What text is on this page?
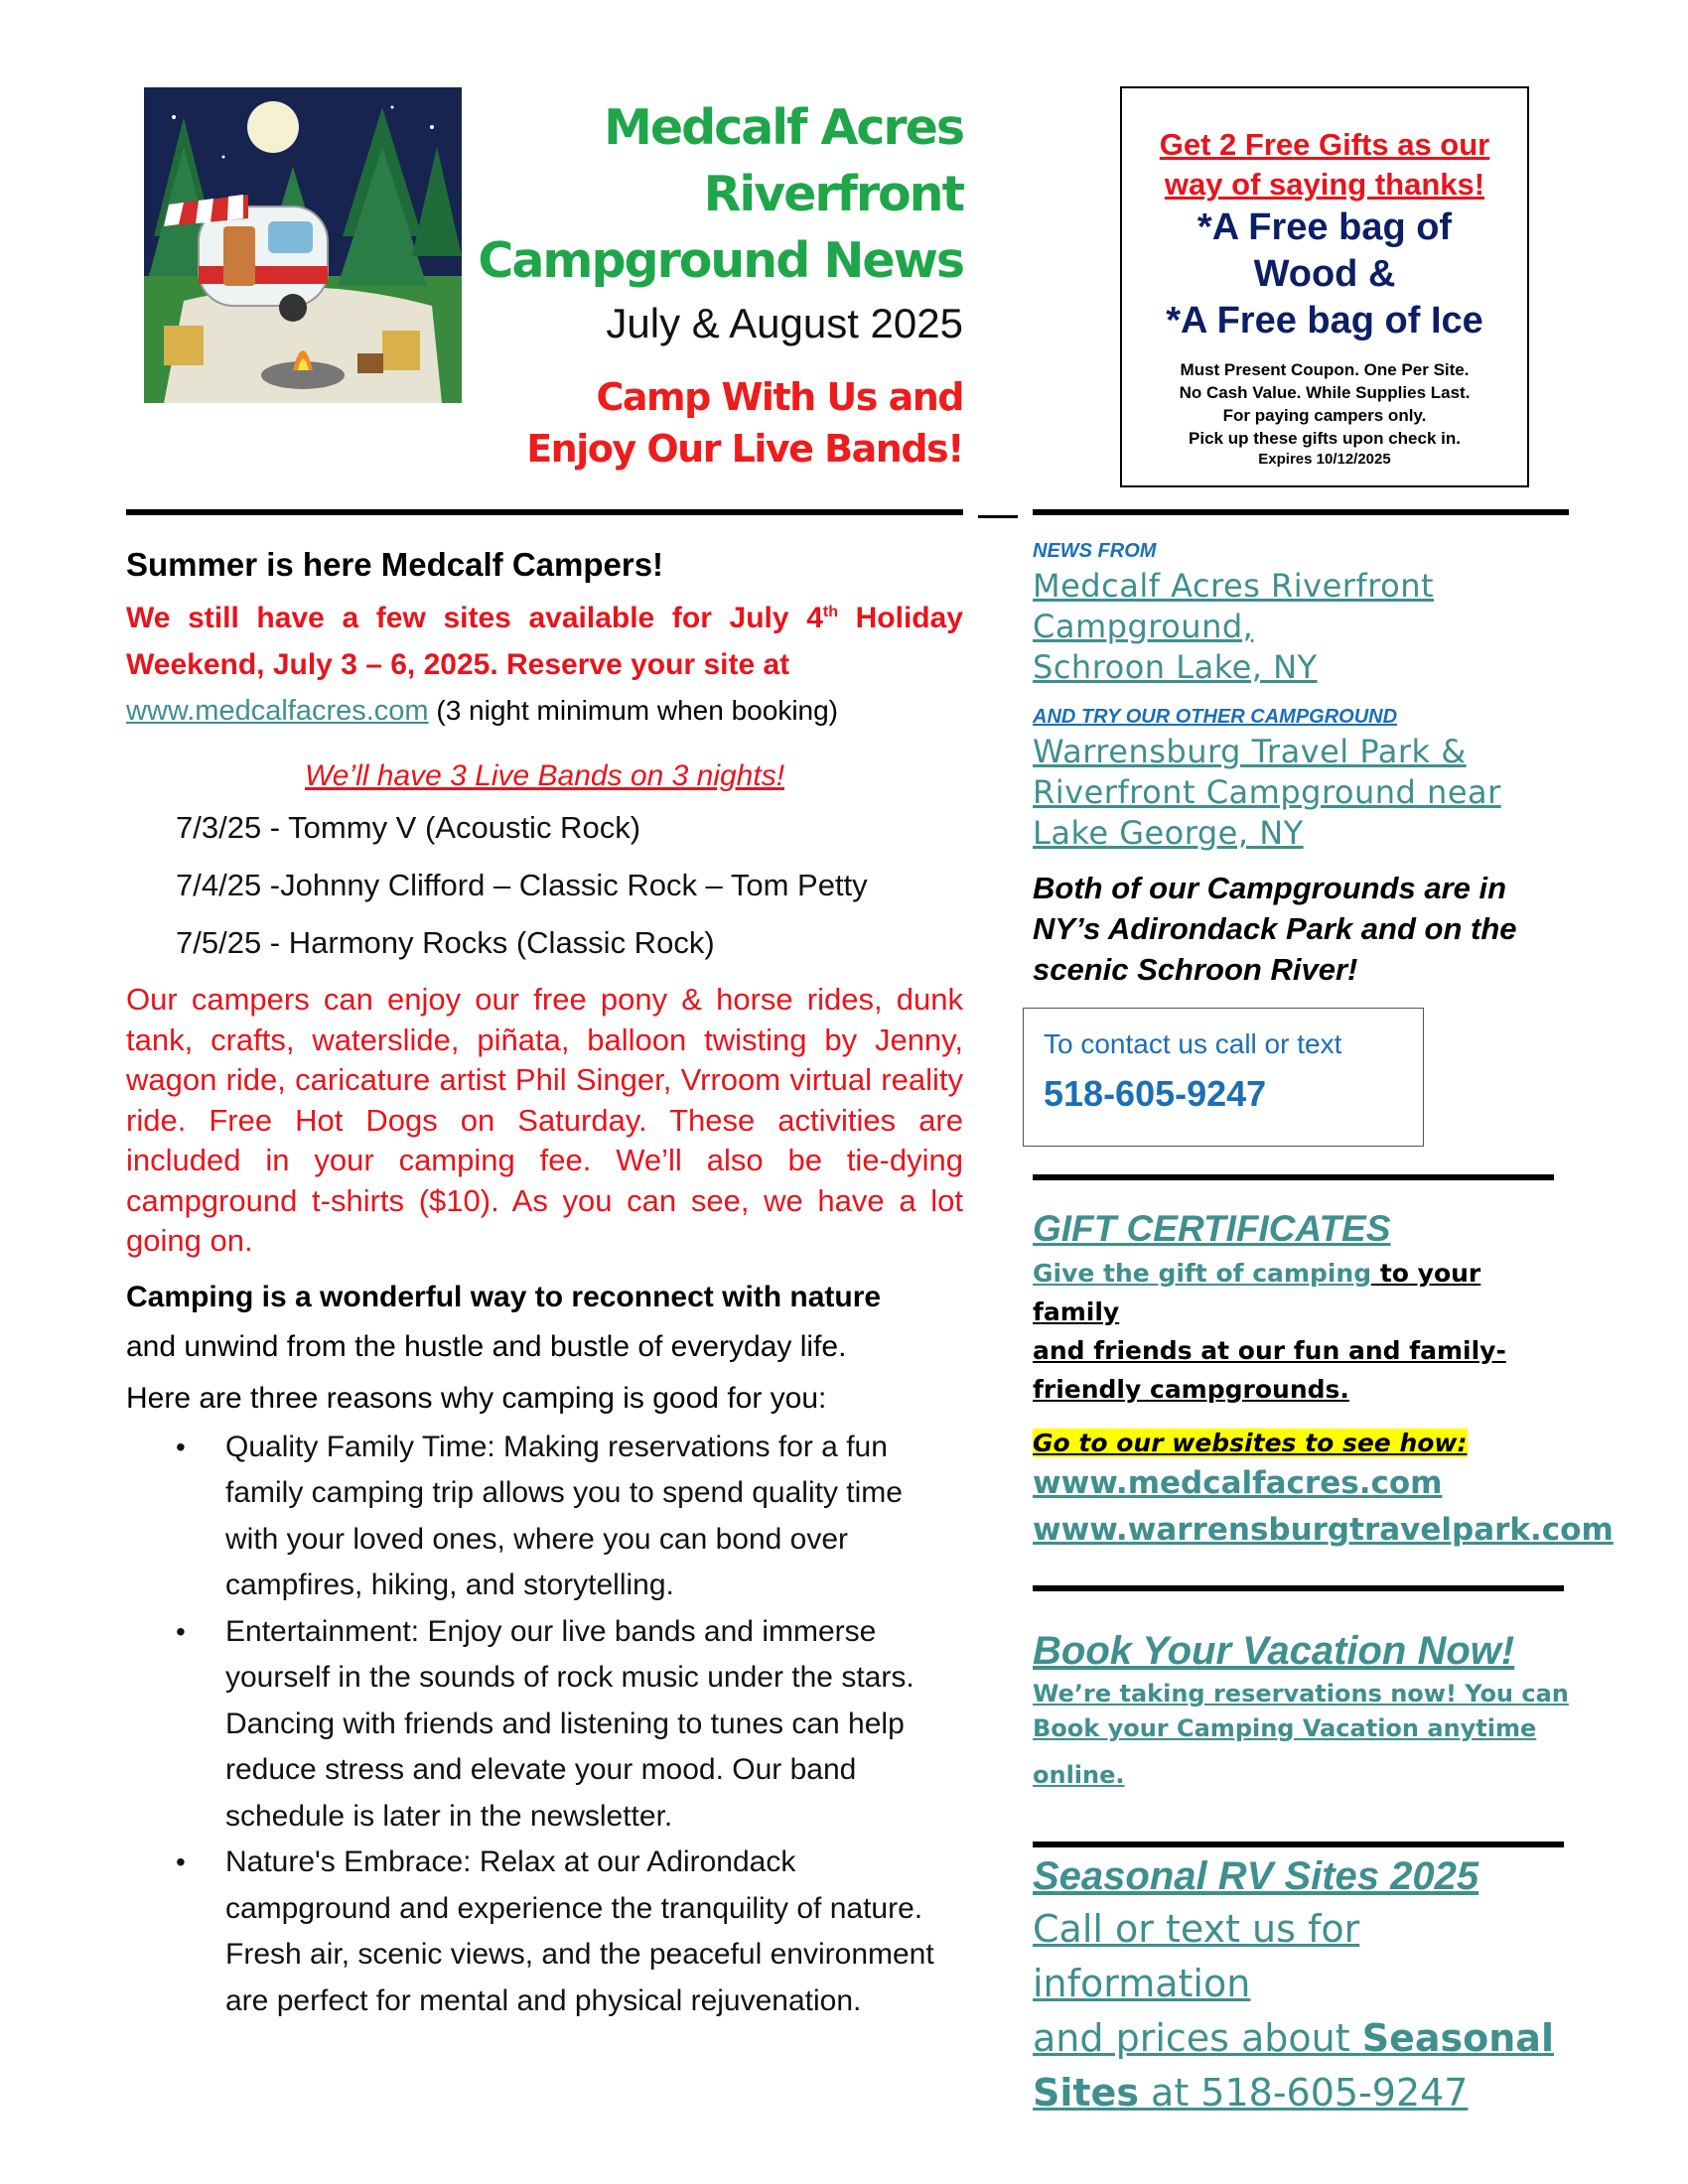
Medcalf Acres
Riverfront
Campground News
July & August 2025
Camp With Us and
Enjoy Our Live Bands!
Get 2 Free Gifts as our
way of saying thanks!
*A Free bag of
Wood &
*A Free bag of Ice
Must Present Coupon. One Per Site.
No Cash Value. While Supplies Last.
For paying campers only.
Pick up these gifts upon check in.
Expires 10/12/2025
Summer is here Medcalf Campers!
We still have a few sites available for July 4th Holiday Weekend, July 3 – 6, 2025. Reserve your site at
www.medcalfacres.com (3 night minimum when booking)
We’ll have 3 Live Bands on 3 nights!
7/3/25 - Tommy V (Acoustic Rock)
7/4/25 -Johnny Clifford – Classic Rock – Tom Petty
7/5/25 - Harmony Rocks (Classic Rock)
Our campers can enjoy our free pony & horse rides, dunk tank, crafts, waterslide, piñata, balloon twisting by Jenny, wagon ride, caricature artist Phil Singer, Vrroom virtual reality ride. Free Hot Dogs on Saturday. These activities are included in your camping fee. We’ll also be tie-dying campground t-shirts ($10). As you can see, we have a lot going on.
Camping is a wonderful way to reconnect with nature
and unwind from the hustle and bustle of everyday life.
Here are three reasons why camping is good for you:
• Quality Family Time: Making reservations for a fun family camping trip allows you to spend quality time with your loved ones, where you can bond over campfires, hiking, and storytelling.
• Entertainment: Enjoy our live bands and immerse yourself in the sounds of rock music under the stars. Dancing with friends and listening to tunes can help reduce stress and elevate your mood. Our band schedule is later in the newsletter.
• Nature's Embrace: Relax at our Adirondack campground and experience the tranquility of nature. Fresh air, scenic views, and the peaceful environment are perfect for mental and physical rejuvenation.
NEWS FROM
Medcalf Acres Riverfront
Campground,
Schroon Lake, NY
AND TRY OUR OTHER CAMPGROUND
Warrensburg Travel Park &
Riverfront Campground near
Lake George, NY
Both of our Campgrounds are in NY’s Adirondack Park and on the scenic Schroon River!
To contact us call or text
518-605-9247
GIFT CERTIFICATES
Give the gift of camping to your family
and friends at our fun and family-
friendly campgrounds.
Go to our websites to see how:
www.medcalfacres.com
www.warrensburgtravelpark.com
Book Your Vacation Now!
We’re taking reservations now! You can
Book your Camping Vacation anytime
online.
Seasonal RV Sites 2025
Call or text us for information
and prices about Seasonal
Sites at 518-605-9247
